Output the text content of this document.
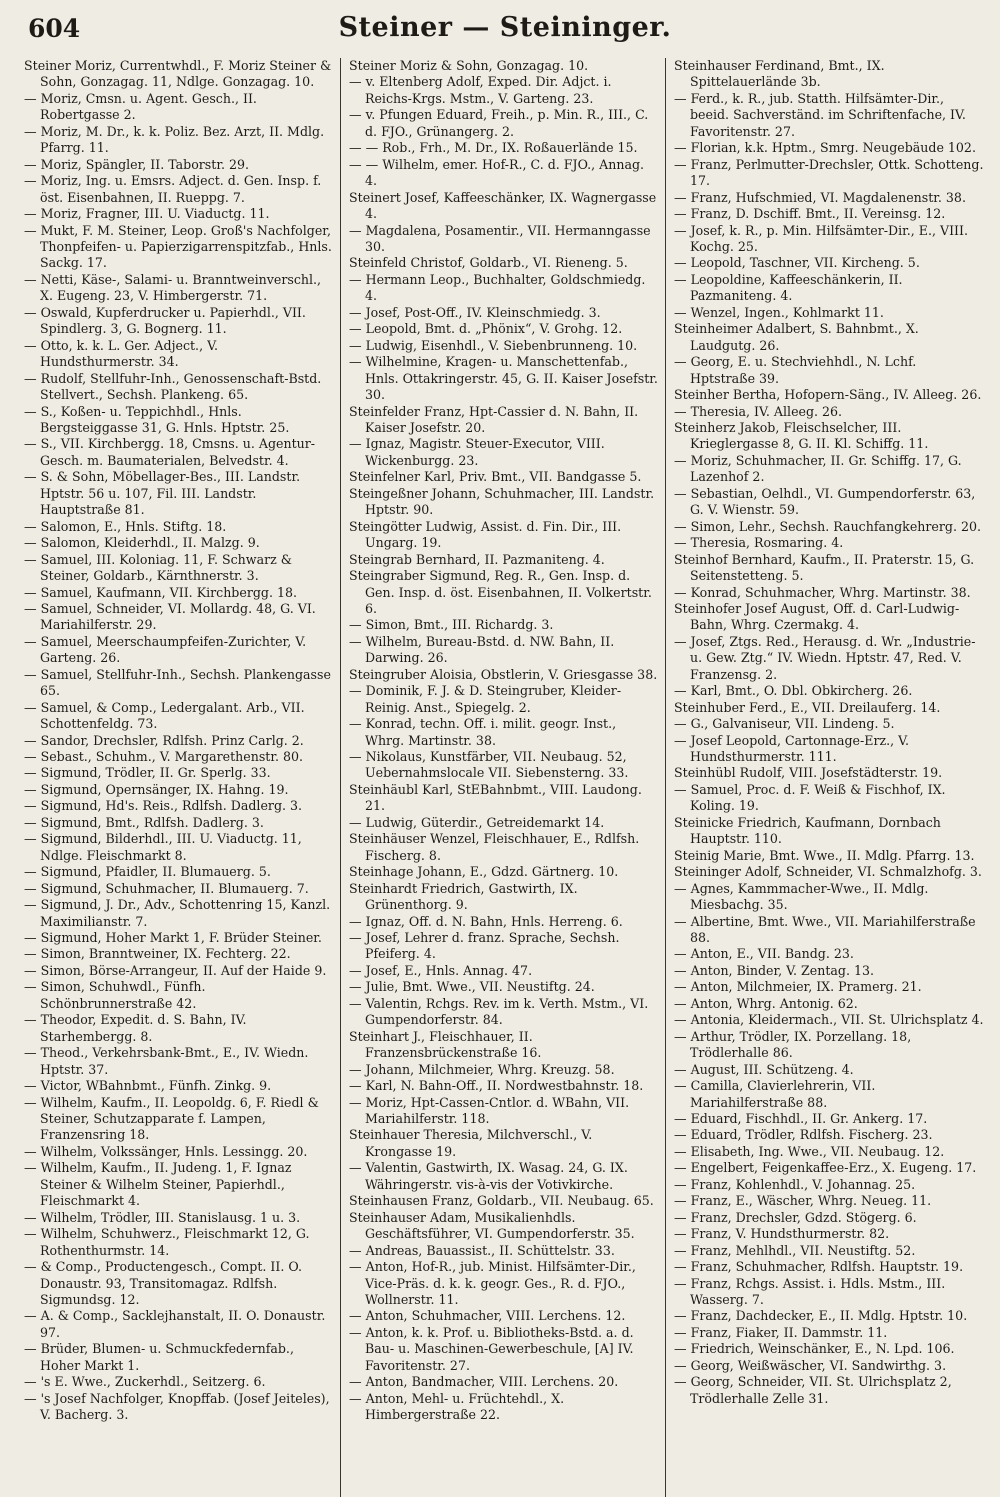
604	Steiner — Steininger.
Steiner Moriz, Currentwhdl., F. Moriz Steiner & Sohn, Gonzagag. 11, Ndlge. Gonzagag. 10.
— Moriz, Cmsn. u. Agent. Gesch., II. Robertgasse 2.
— Moriz, M. Dr., k. k. Poliz. Bez. Arzt, II. Mdlg. Pfarrg. 11.
— Moriz, Spängler, II. Taborstr. 29.
— Moriz, Ing. u. Emsrs. Adject. d. Gen. Insp. f. öst. Eisenbahnen, II. Rueppg. 7.
— Moriz, Fragner, III. U. Viaductg. 11.
— Mukt, F. M. Steiner, Leop. Groß's Nachfolger, Thonpfeifen- u. Papierzigarrenspitzfab., Hnls. Sackg. 17.
— Netti, Käse-, Salami- u. Branntweinverschl., X. Eugeng. 23, V. Himbergerstr. 71.
— Oswald, Kupferdrucker u. Papierhdl., VII. Spindlerg. 3, G. Bognerg. 11.
— Otto, k. k. L. Ger. Adject., V. Hundsthurmerstr. 34.
— Rudolf, Stellfuhr-Inh., Genossenschaft-Bstd. Stellvert., Sechsh. Plankeng. 65.
— S., Koßen- u. Teppichhdl., Hnls. Bergsteiggasse 31, G. Hnls. Hptstr. 25.
— S., VII. Kirchbergg. 18, Cmsns. u. Agentur-Gesch. m. Baumaterialen, Belvedstr. 4.
— S. & Sohn, Möbellager-Bes., III. Landstr. Hptstr. 56 u. 107, Fil. III. Landstr. Hauptstraße 81.
— Salomon, E., Hnls. Stiftg. 18.
— Salomon, Kleiderhdl., II. Malzg. 9.
— Samuel, III. Koloniag. 11, F. Schwarz & Steiner, Goldarb., Kärnthnerstr. 3.
— Samuel, Kaufmann, VII. Kirchbergg. 18.
— Samuel, Schneider, VI. Mollardg. 48, G. VI. Mariahilferstr. 29.
— Samuel, Meerschaumpfeifen-Zurichter, V. Garteng. 26.
— Samuel, Stellfuhr-Inh., Sechsh. Plankengasse 65.
— Samuel, & Comp., Ledergalant. Arb., VII. Schottenfeldg. 73.
— Sandor, Drechsler, Rdlfsh. Prinz Carlg. 2.
— Sebast., Schuhm., V. Margarethenstr. 80.
— Sigmund, Trödler, II. Gr. Sperlg. 33.
— Sigmund, Opernsänger, IX. Hahng. 19.
— Sigmund, Hd's. Reis., Rdlfsh. Dadlerg. 3.
— Sigmund, Bmt., Rdlfsh. Dadlerg. 3.
— Sigmund, Bilderhdl., III. U. Viaductg. 11, Ndlge. Fleischmarkt 8.
— Sigmund, Pfaidler, II. Blumauerg. 5.
— Sigmund, Schuhmacher, II. Blumauerg. 7.
— Sigmund, J. Dr., Adv., Schottenring 15, Kanzl. Maximilianstr. 7.
— Sigmund, Hoher Markt 1, F. Brüder Steiner.
— Simon, Branntweiner, IX. Fechterg. 22.
— Simon, Börse-Arrangeur, II. Auf der Haide 9.
— Simon, Schuhwdl., Fünfh. Schönbrunnerstraße 42.
— Theodor, Expedit. d. S. Bahn, IV. Starhembergg. 8.
— Theod., Verkehrsbank-Bmt., E., IV. Wiedn. Hptstr. 37.
— Victor, WBahnbmt., Fünfh. Zinkg. 9.
— Wilhelm, Kaufm., II. Leopoldg. 6, F. Riedl & Steiner, Schutzapparate f. Lampen, Franzensring 18.
— Wilhelm, Volkssänger, Hnls. Lessingg. 20.
— Wilhelm, Kaufm., II. Judeng. 1, F. Ignaz Steiner & Wilhelm Steiner, Papierhdl., Fleischmarkt 4.
— Wilhelm, Trödler, III. Stanislausg. 1 u. 3.
— Wilhelm, Schuhwerz., Fleischmarkt 12, G. Rothenthurmstr. 14.
— & Comp., Productengesch., Compt. II. O. Donaustr. 93, Transitomagaz. Rdlfsh. Sigmundsg. 12.
— A. & Comp., Sacklejhanstalt, II. O. Donaustr. 97.
— Brüder, Blumen- u. Schmuckfedernfab., Hoher Markt 1.
— 's E. Wwe., Zuckerhdl., Seitzerg. 6.
— 's Josef Nachfolger, Knopffab. (Josef Jeiteles), V. Bacherg. 3.
Steiner Moriz & Sohn, Gonzagag. 10.
— v. Eltenberg Adolf, Exped. Dir. Adjct. i. Reichs-Krgs. Mstm., V. Garteng. 23.
— v. Pfungen Eduard, Freih., p. Min. R., III., C. d. FJO., Grünangerg. 2.
— — Rob., Frh., M. Dr., IX. Roßauerlände 15.
— — Wilhelm, emer. Hof-R., C. d. FJO., Annag. 4.
Steinert Josef, Kaffeeschänker, IX. Wagnergasse 4.
— Magdalena, Posamentir., VII. Hermanngasse 30.
Steinfeld Christof, Goldarb., VI. Rieneng. 5.
— Hermann Leop., Buchhalter, Goldschmiedg. 4.
— Josef, Post-Off., IV. Kleinschmiedg. 3.
— Leopold, Bmt. d. „Phönix“, V. Grohg. 12.
— Ludwig, Eisenhdl., V. Siebenbrunneng. 10.
— Wilhelmine, Kragen- u. Manschettenfab., Hnls. Ottakringerstr. 45, G. II. Kaiser Josefstr. 30.
Steinfelder Franz, Hpt-Cassier d. N. Bahn, II. Kaiser Josefstr. 20.
— Ignaz, Magistr. Steuer-Executor, VIII. Wickenburgg. 23.
Steinfelner Karl, Priv. Bmt., VII. Bandgasse 5.
Steingeßner Johann, Schuhmacher, III. Landstr. Hptstr. 90.
Steingötter Ludwig, Assist. d. Fin. Dir., III. Ungarg. 19.
Steingrab Bernhard, II. Pazmaniteng. 4.
Steingraber Sigmund, Reg. R., Gen. Insp. d. Gen. Insp. d. öst. Eisenbahnen, II. Volkertstr. 6.
— Simon, Bmt., III. Richardg. 3.
— Wilhelm, Bureau-Bstd. d. NW. Bahn, II. Darwing. 26.
Steingruber Aloisia, Obstlerin, V. Griesgasse 38.
— Dominik, F. J. & D. Steingruber, Kleider-Reinig. Anst., Spiegelg. 2.
— Konrad, techn. Off. i. milit. geogr. Inst., Whrg. Martinstr. 38.
— Nikolaus, Kunstfärber, VII. Neubaug. 52, Uebernahmslocale VII. Siebensterng. 33.
Steinhäubl Karl, StEBahnbmt., VIII. Laudong. 21.
— Ludwig, Güterdir., Getreidemarkt 14.
Steinhäuser Wenzel, Fleischhauer, E., Rdlfsh. Fischerg. 8.
Steinhage Johann, E., Gdzd. Gärtnerg. 10.
Steinhardt Friedrich, Gastwirth, IX. Grünenthorg. 9.
— Ignaz, Off. d. N. Bahn, Hnls. Herreng. 6.
— Josef, Lehrer d. franz. Sprache, Sechsh. Pfeiferg. 4.
— Josef, E., Hnls. Annag. 47.
— Julie, Bmt. Wwe., VII. Neustiftg. 24.
— Valentin, Rchgs. Rev. im k. Verth. Mstm., VI. Gumpendorferstr. 84.
Steinhart J., Fleischhauer, II. Franzensbrückenstraße 16.
— Johann, Milchmeier, Whrg. Kreuzg. 58.
— Karl, N. Bahn-Off., II. Nordwestbahnstr. 18.
— Moriz, Hpt-Cassen-Cntlor. d. WBahn, VII. Mariahilferstr. 118.
Steinhauer Theresia, Milchverschl., V. Krongasse 19.
— Valentin, Gastwirth, IX. Wasag. 24, G. IX. Währingerstr. vis-à-vis der Votivkirche.
Steinhausen Franz, Goldarb., VII. Neubaug. 65.
Steinhauser Adam, Musikalienhdls. Geschäftsführer, VI. Gumpendorferstr. 35.
— Andreas, Bauassist., II. Schüttelstr. 33.
— Anton, Hof-R., jub. Minist. Hilfsämter-Dir., Vice-Präs. d. k. k. geogr. Ges., R. d. FJO., Wollnerstr. 11.
— Anton, Schuhmacher, VIII. Lerchens. 12.
— Anton, k. k. Prof. u. Bibliotheks-Bstd. a. d. Bau- u. Maschinen-Gewerbeschule, [A] IV. Favoritenstr. 27.
— Anton, Bandmacher, VIII. Lerchens. 20.
— Anton, Mehl- u. Früchtehdl., X. Himbergerstraße 22.
Steinhauser Ferdinand, Bmt., IX. Spittelauerlände 3b.
— Ferd., k. R., jub. Statth. Hilfsämter-Dir., beeid. Sachverständ. im Schriftenfache, IV. Favoritenstr. 27.
— Florian, k.k. Hptm., Smrg. Neugebäude 102.
— Franz, Perlmutter-Drechsler, Ottk. Schotteng. 17.
— Franz, Hufschmied, VI. Magdalenenstr. 38.
— Franz, D. Dschiff. Bmt., II. Vereinsg. 12.
— Josef, k. R., p. Min. Hilfsämter-Dir., E., VIII. Kochg. 25.
— Leopold, Taschner, VII. Kircheng. 5.
— Leopoldine, Kaffeeschänkerin, II. Pazmaniteng. 4.
— Wenzel, Ingen., Kohlmarkt 11.
Steinheimer Adalbert, S. Bahnbmt., X. Laudgutg. 26.
— Georg, E. u. Stechviehhdl., N. Lchf. Hptstraße 39.
Steinher Bertha, Hofopern-Säng., IV. Alleeg. 26.
— Theresia, IV. Alleeg. 26.
Steinherz Jakob, Fleischselcher, III. Krieglergasse 8, G. II. Kl. Schiffg. 11.
— Moriz, Schuhmacher, II. Gr. Schiffg. 17, G. Lazenhof 2.
— Sebastian, Oelhdl., VI. Gumpendorferstr. 63, G. V. Wienstr. 59.
— Simon, Lehr., Sechsh. Rauchfangkehrerg. 20.
— Theresia, Rosmaring. 4.
Steinhof Bernhard, Kaufm., II. Praterstr. 15, G. Seitenstetteng. 5.
— Konrad, Schuhmacher, Whrg. Martinstr. 38.
Steinhofer Josef August, Off. d. Carl-Ludwig-Bahn, Whrg. Czermakg. 4.
— Josef, Ztgs. Red., Herausg. d. Wr. „Industrie- u. Gew. Ztg.“ IV. Wiedn. Hptstr. 47, Red. V. Franzensg. 2.
— Karl, Bmt., O. Dbl. Obkircherg. 26.
Steinhuber Ferd., E., VII. Dreilauferg. 14.
— G., Galvaniseur, VII. Lindeng. 5.
— Josef Leopold, Cartonnage-Erz., V. Hundsthurmerstr. 111.
Steinhübl Rudolf, VIII. Josefstädterstr. 19.
— Samuel, Proc. d. F. Weiß & Fischhof, IX. Koling. 19.
Steinicke Friedrich, Kaufmann, Dornbach Hauptstr. 110.
Steinig Marie, Bmt. Wwe., II. Mdlg. Pfarrg. 13.
Steininger Adolf, Schneider, VI. Schmalzhofg. 3.
— Agnes, Kammmacher-Wwe., II. Mdlg. Miesbachg. 35.
— Albertine, Bmt. Wwe., VII. Mariahilferstraße 88.
— Anton, E., VII. Bandg. 23.
— Anton, Binder, V. Zentag. 13.
— Anton, Milchmeier, IX. Pramerg. 21.
— Anton, Whrg. Antonig. 62.
— Antonia, Kleidermach., VII. St. Ulrichsplatz 4.
— Arthur, Trödler, IX. Porzellang. 18, Trödlerhalle 86.
— August, III. Schützeng. 4.
— Camilla, Clavierlehrerin, VII. Mariahilferstraße 88.
— Eduard, Fischhdl., II. Gr. Ankerg. 17.
— Eduard, Trödler, Rdlfsh. Fischerg. 23.
— Elisabeth, Ing. Wwe., VII. Neubaug. 12.
— Engelbert, Feigenkaffee-Erz., X. Eugeng. 17.
— Franz, Kohlenhdl., V. Johannag. 25.
— Franz, E., Wäscher, Whrg. Neueg. 11.
— Franz, Drechsler, Gdzd. Stögerg. 6.
— Franz, V. Hundsthurmerstr. 82.
— Franz, Mehlhdl., VII. Neustiftg. 52.
— Franz, Schuhmacher, Rdlfsh. Hauptstr. 19.
— Franz, Rchgs. Assist. i. Hdls. Mstm., III. Wasserg. 7.
— Franz, Dachdecker, E., II. Mdlg. Hptstr. 10.
— Franz, Fiaker, II. Dammstr. 11.
— Friedrich, Weinschänker, E., N. Lpd. 106.
— Georg, Weißwäscher, VI. Sandwirthg. 3.
— Georg, Schneider, VII. St. Ulrichsplatz 2, Trödlerhalle Zelle 31.
